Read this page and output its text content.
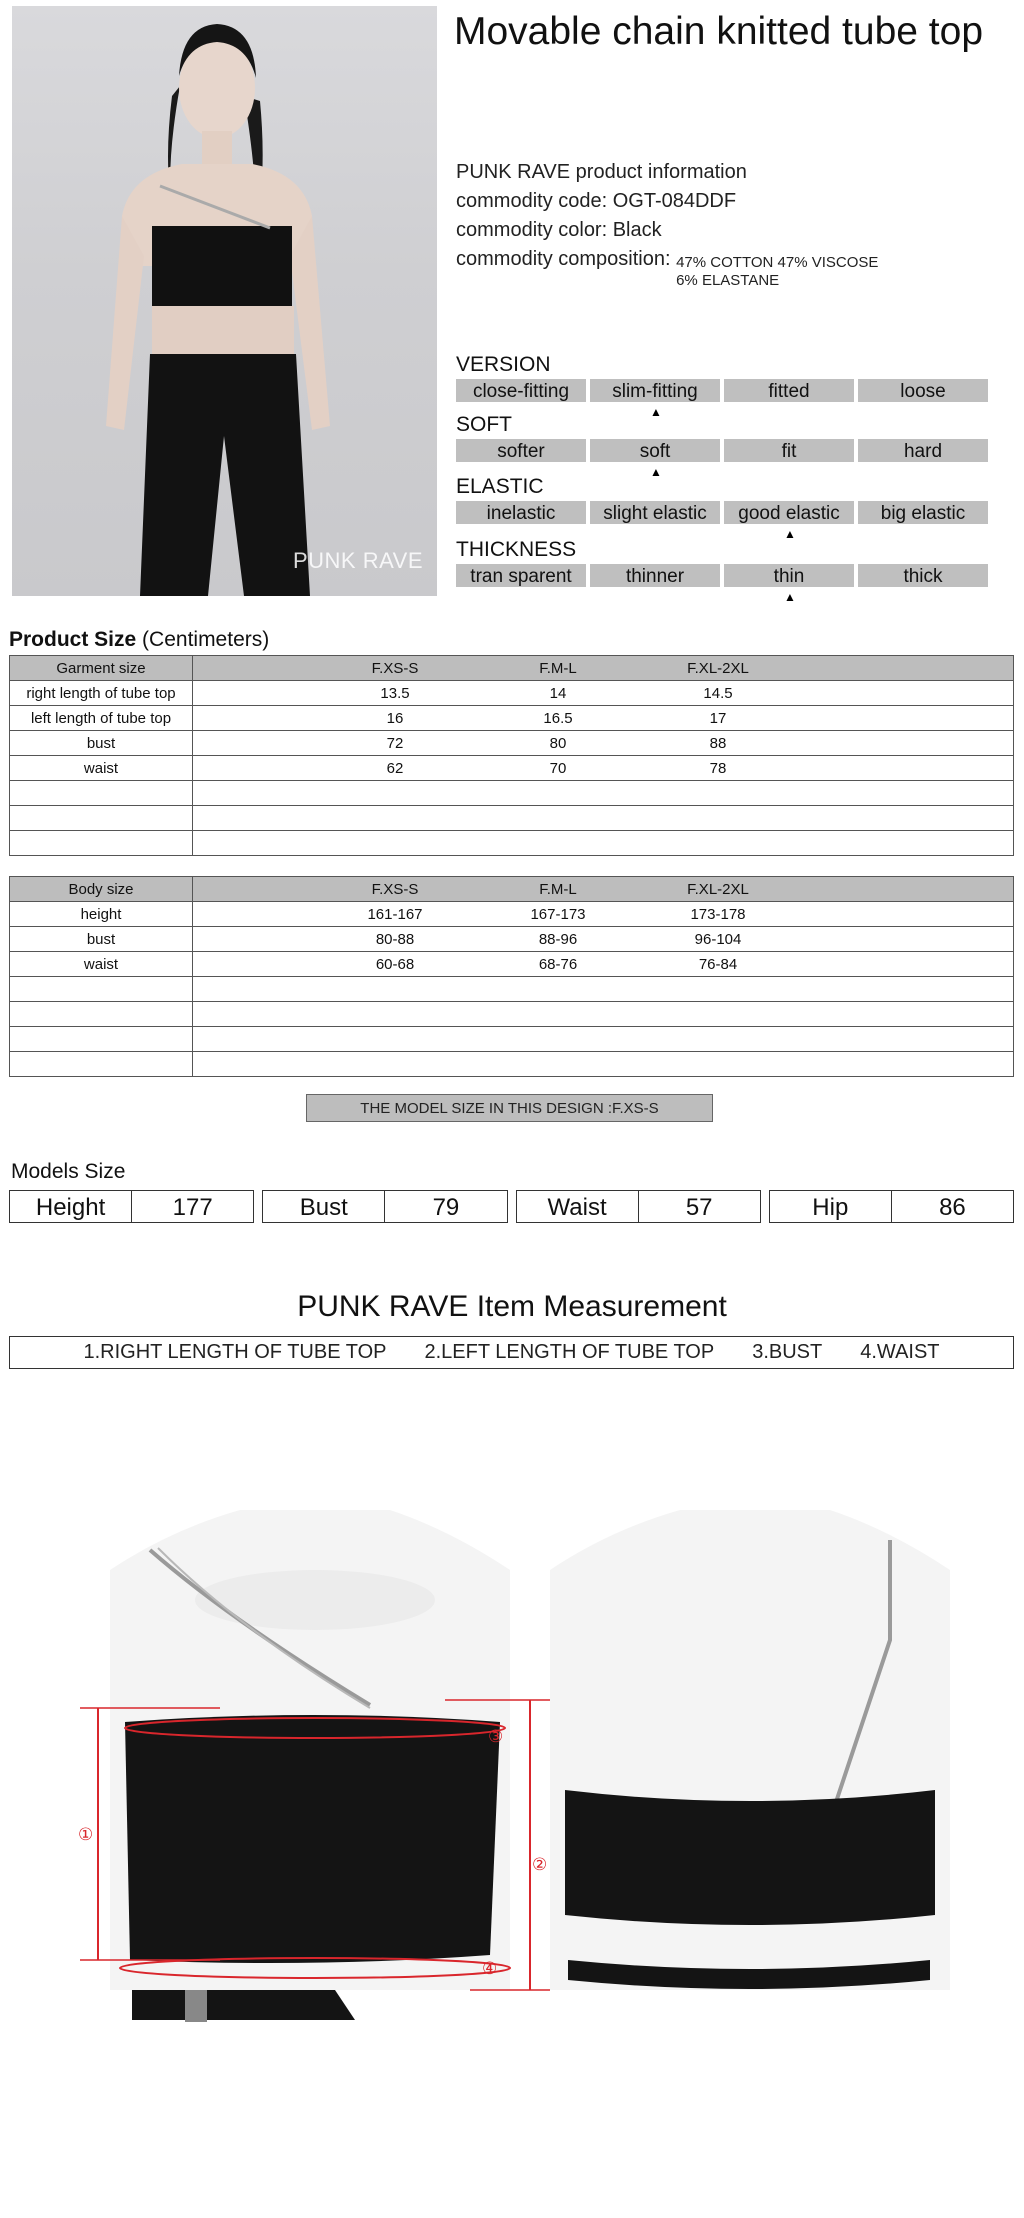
PUNK RAVE
Movable chain knitted tube top
PUNK RAVE product information
commodity code: OGT-084DDF
commodity color: Black
commodity composition: 47% COTTON 47% VISCOSE
6% ELASTANE
VERSION
close-fitting	slim-fitting	fitted	loose
▲
SOFT
softer	soft	fit	hard
▲
ELASTIC
inelastic	slight elastic	good elastic	big elastic
▲
THICKNESS
tran sparent	thinner	thin	thick
▲
Product Size (Centimeters)
Garment size	F.XS-S F.M-L F.XL-2XL

right length of tube top	13.5 14 14.5

left length of tube top	16 16.5 17

bust	72 80 88

waist	62 70 78

Body size	F.XS-S F.M-L F.XL-2XL

height	161-167 167-173 173-178

bust	80-88 88-96 96-104

waist	60-68 68-76 76-84

THE MODEL SIZE IN THIS DESIGN :F.XS-S
Models Size
Height	177	Bust	79	Waist	57	Hip	86
PUNK RAVE Item Measurement
1.RIGHT LENGTH OF TUBE TOP 2.LEFT LENGTH OF TUBE TOP 3.BUST 4.WAIST
①
②
③
④
